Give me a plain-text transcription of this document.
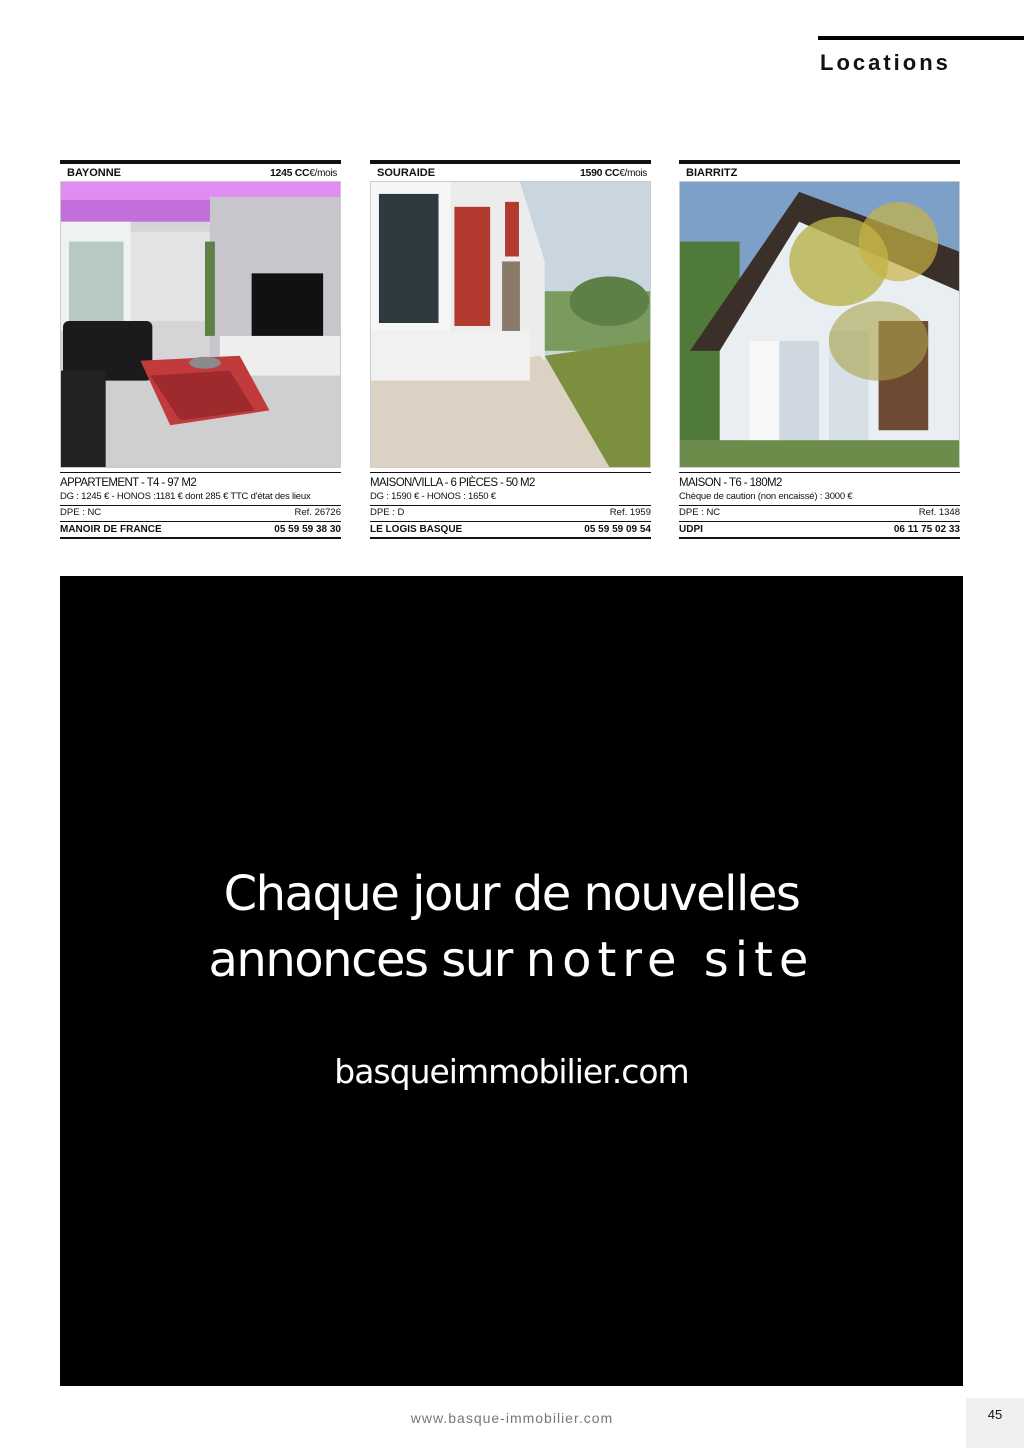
Locations
BAYONNE	1245 CC€/mois
APPARTEMENT - T4 - 97 M2
DG : 1245 € - HONOS :1181 € dont 285 € TTC d'état des lieux
DPE : NC	Ref. 26726
MANOIR DE FRANCE	05 59 59 38 30
SOURAIDE	1590 CC€/mois
MAISON/VILLA - 6 PIÈCES - 50 M2
DG : 1590 € - HONOS : 1650 €
DPE : D	Ref. 1959
LE LOGIS BASQUE	05 59 59 09 54
BIARRITZ
MAISON - T6 - 180M2
Chèque de caution (non encaissé) : 3000 €
DPE : NC	Ref. 1348
UDPI	06 11 75 02 33
Chaque jour de nouvelles
annonces sur notre site
basqueimmobilier.com
www.basque-immobilier.com	45
